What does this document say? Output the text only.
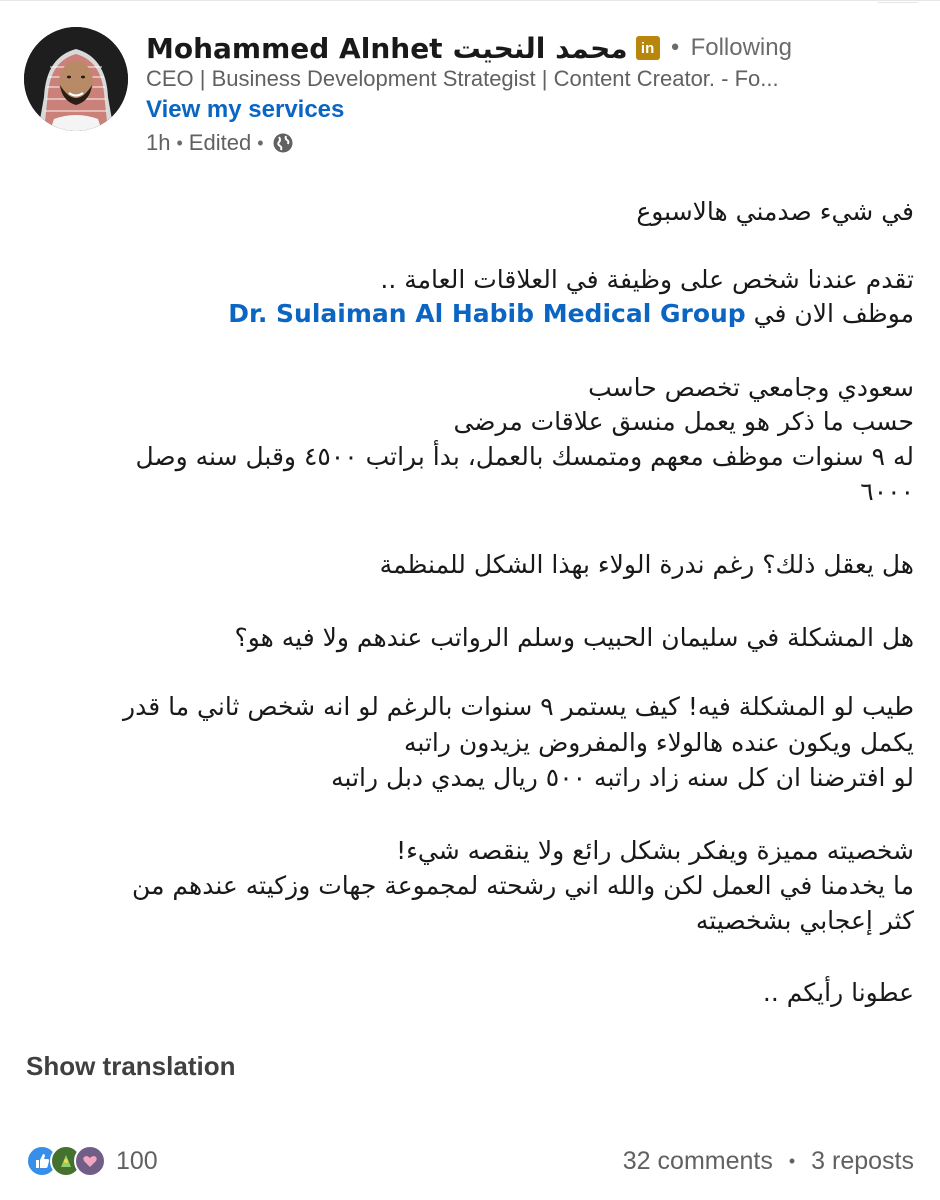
Mohammed Alnhet محمد النحيت in • Following
CEO | Business Development Strategist | Content Creator. - Fo...
View my services
1h • Edited •

في شيء صدمني هالاسبوع

تقدم عندنا شخص على وظيفة في العلاقات العامة ..

موظف الان في Dr. Sulaiman Al Habib Medical Group

سعودي وجامعي تخصص حاسب

حسب ما ذكر هو يعمل منسق علاقات مرضى

له ٩ سنوات موظف معهم ومتمسك بالعمل، بدأ براتب ٤٥٠٠ وقبل سنه وصل

٦٠٠٠

هل يعقل ذلك؟ رغم ندرة الولاء بهذا الشكل للمنظمة

هل المشكلة في سليمان الحبيب وسلم الرواتب عندهم ولا فيه هو؟

طيب لو المشكلة فيه! كيف يستمر ٩ سنوات بالرغم لو انه شخص ثاني ما قدر

يكمل ويكون عنده هالولاء والمفروض يزيدون راتبه

لو افترضنا ان كل سنه زاد راتبه ٥٠٠ ريال يمدي دبل راتبه

شخصيته مميزة ويفكر بشكل رائع ولا ينقصه شيء!

ما يخدمنا في العمل لكن والله اني رشحته لمجموعة جهات وزكيته عندهم من

كثر إعجابي بشخصيته

عطونا رأيكم ..

Show translation
100	32 comments • 3 reposts
